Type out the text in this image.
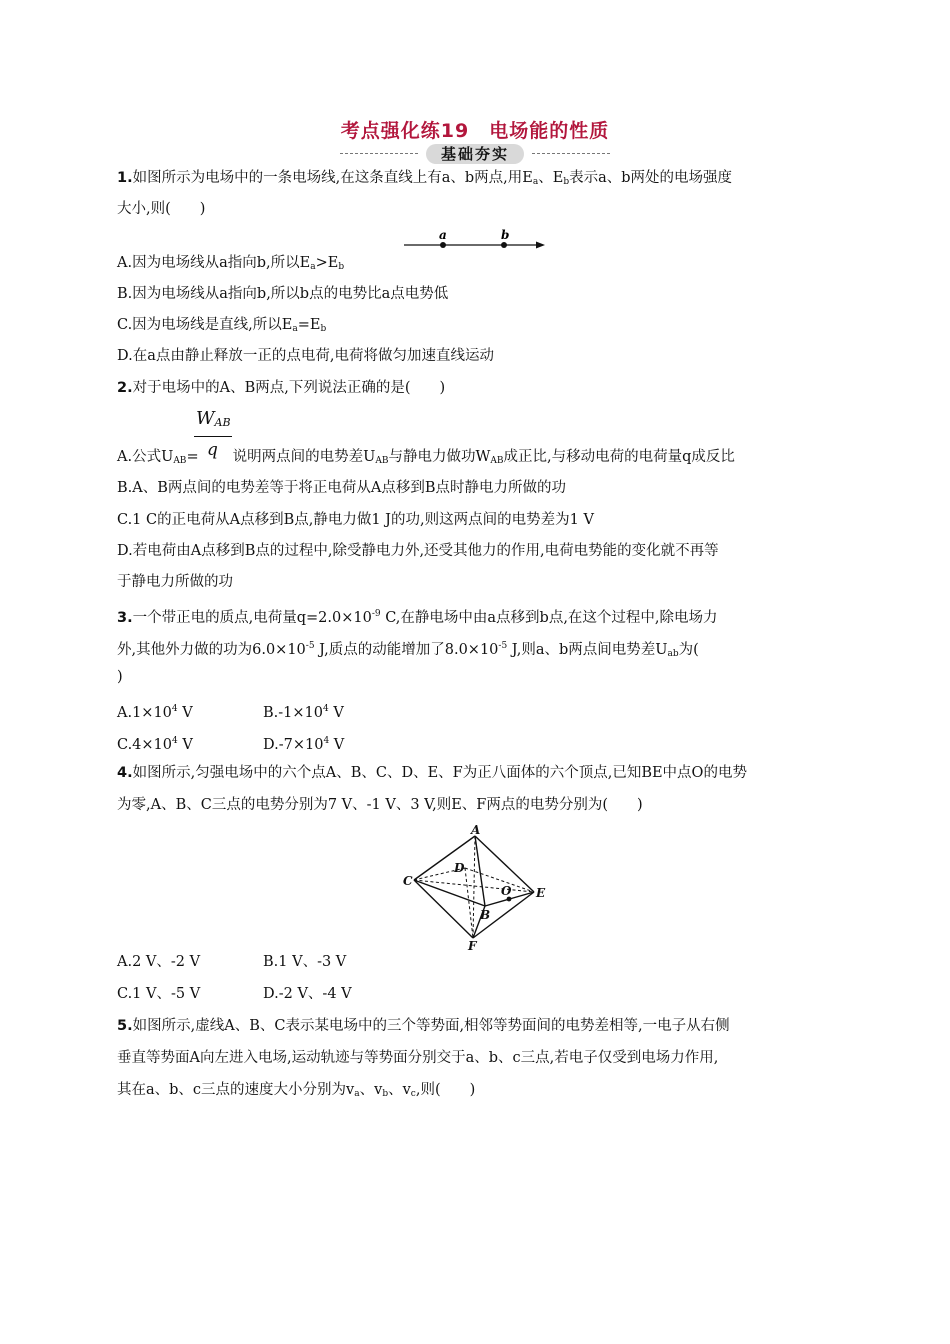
考点强化练19　电场能的性质
基础夯实
1.如图所示为电场中的一条电场线,在这条直线上有a、b两点,用$E_a$、$E_b$表示a、b两处的电场强度
大小,则(　　)
a	b
A.因为电场线从a指向b,所以$E_a>E_b$
B.因为电场线从a指向b,所以b点的电势比a点电势低
C.因为电场线是直线,所以$E_a=E_b$
D.在a点由静止释放一正的点电荷,电荷将做匀加速直线运动
2.对于电场中的A、B两点,下列说法正确的是(　　)
$W_{AB}$
q
A.公式$U_{AB}=$ 说明两点间的电势差$U_{AB}$与静电力做功$W_{AB}$成正比,与移动电荷的电荷量q成反比
B.A、B两点间的电势差等于将正电荷从A点移到B点时静电力所做的功
C.1 C的正电荷从A点移到B点,静电力做1 J的功,则这两点间的电势差为1 V
D.若电荷由A点移到B点的过程中,除受静电力外,还受其他力的作用,电荷电势能的变化就不再等
于静电力所做的功
3.一个带正电的质点,电荷量$q=2.0\times 10^{-9}$ C,在静电场中由a点移到b点,在这个过程中,除电场力
外,其他外力做的功为$6.0\times 10^{-5}$ J,质点的动能增加了$8.0\times 10^{-5}$ J,则a、b两点间电势差$U_{ab}$为(
)
$A.1\times 10^4$ V	$B.-1\times 10^4$ V
$C.4\times 10^4$ V	$D.-7\times 10^4$ V
4.如图所示,匀强电场中的六个点A、B、C、D、E、F为正八面体的六个顶点,已知BE中点O的电势
为零,A、B、C三点的电势分别为7 V、-1 V、3 V,则E、F两点的电势分别为(　　)
A
C
D
O E
B
F
A.2 V、-2 V	B.1 V、-3 V
C.1 V、-5 V	D.-2 V、-4 V
5.如图所示,虚线A、B、C表示某电场中的三个等势面,相邻等势面间的电势差相等,一电子从右侧
垂直等势面A向左进入电场,运动轨迹与等势面分别交于a、b、c三点,若电子仅受到电场力作用,
其在a、b、c三点的速度大小分别为$v_a$、$v_b$、$v_c$,则(　　)
